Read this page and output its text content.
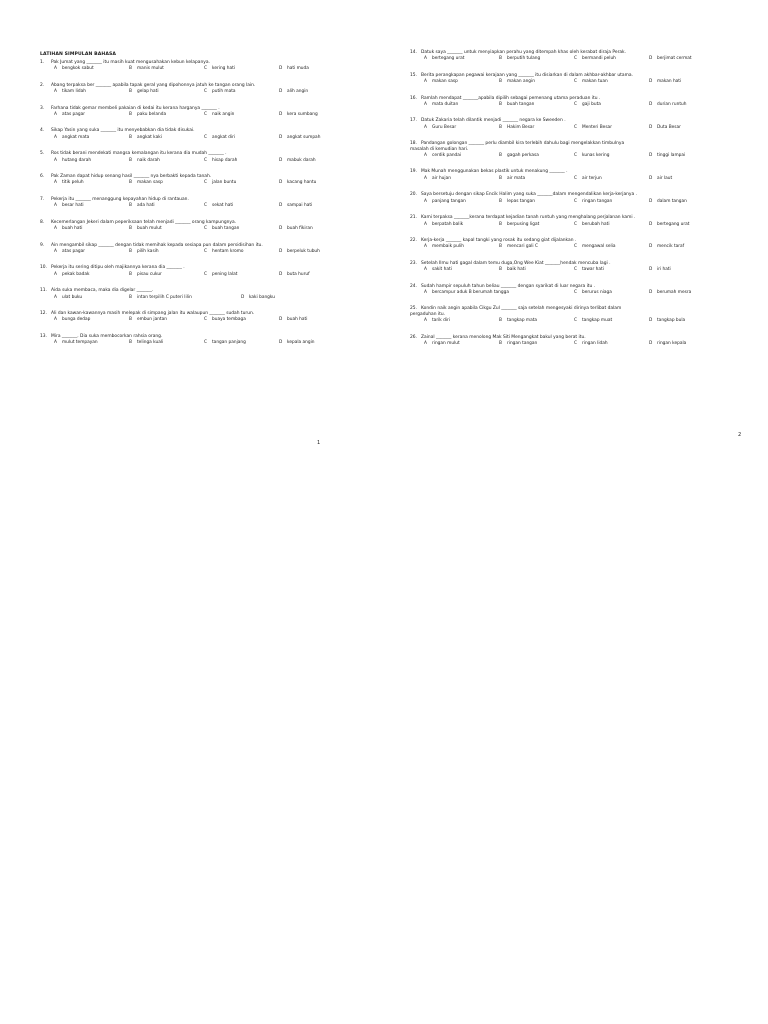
LATIHAN SIMPULAN BAHASA
1. Pak Jumat yang _______ itu masih kuat mengusahakan kebun kelapanya.
A bengkok sabut	B manis mulut	C kering hati	D hati muda
2. Abang terpaksa ber _______ apabila tapak geraI yang dipohonnya jatuh ke tangan orang lain.
A tikam lidah	B gelap hati	C putih mata	D alih angin
3. Farhana tidak gemar membeli pakaian di kedai itu kerana harganya _______ .
A atas pagar	B paku belanda	C naik angin	D kera sumbang
4. Sikap Yasin yang suka _______ itu menyebabkan dia tidak disukai.
A angkat mata	B angkat kaki	C angkat diri	D angkat sumpah
5. Ros tidak berani mendekati mangsa kemalangan itu kerana dia mudah _______ .
A hutang darah	B naik darah	C hisap darah	D mabuk darah
6. Pak Zaman dapat hidup senang hasil _______ nya berbakti kepada tanah.
A titik peluh	B makan sasp	C jalan buntu	D kacang hantu
7. Pekerja itu _______ menanggung kepayahan hidup di rantauan.
A besar hati	B ada hati	C sekat hati	D sampai hati
8. Kecemerlangan Jekeri dalam peperiksaan telah menjadi _______ orang kampungnya.
A buah hati	B buah mulut	C buah tangan	D buah fikiran
9. Ain mengambil sikap _______ dengan tidak memihak kepada sesiapa pun dalam persidisihan itu.
A atas pagar	B pilih kasih	C hentam kromo	D berpeluk tubuh
10. Pekerja itu sering ditipu oleh majikannya kerana dia _______ .
A pekak badak	B pisau cukur	C pening lalat	D buta huruf
11. Aida suka membaca, maka dia digelar _______.
A ulat buku	B intan terpilih C puteri lilin	D kaki bangku
12. Ali dan kawan-kawannya masih melepak di simpang jalan itu walaupun _______ sudah turun.
A bunga dedap	B embun jantan	C buaya tembaga	D buah hati
13. Mira _______. Dia suka membocorkan rahsia orang.
A mulut tempayan	B telinga kuali	C tangan panjang	D kepala angin
14. Datuk saya _______ untuk menyiapkan perahu yang ditempah khas oleh kerabat diraja Perak.
A bertegang urat	B berputih tulang	C bermandi peluh	D berjimat cermat
15. Berita perangkapan pegawai kerajaan yang _______ itu disiarkan di dalam akhbar-akhbar utama.
A makan sasp	B makan angin	C makan tuan	D makan hati
16. Ramlah mendapat _______apabila dipilih sebagai pemenang utama peraduan itu .
A mata duitan	B buah tangan	C gaji buta	D durian runtuh
17. Datuk Zakaria telah dilantik menjadi _______ negara ke Sweeden .
A Guru Besar	B Hakim Besar	C Menteri Besar	D Duta Besar
18. Pandangan golongan _______ perlu diambil kira terlebih dahulu bagi mengelakkan timbulnya
masalah di kemudian hari.
A cerdik pandai	B gagah perkasa	C kunas kering	D tinggi lampai
19. Mak Munah menggunakan bekas plastik untuk menakung _______ .
A air hujan	B air mata	C air terjun	D air laut
20. Saya bersetuju dengan sikap Encik Halim yang suka _______dalam mengendalikan kerja-kerjanya .
A panjang tangan	B lepas tangan	C ringan tangan	D dalam tangan
21. Kami terpaksa _______kerana terdapat kejadian tanah runtuh yang menghalang perjalanan kami .
A berpatah balik	B berpusing ligat	C berubah hati	D bertegang urat
22. Kerja-kerja _______ kapal tangki yang rosak itu sedang giat dijalankan .
A membaik pulih	B mencari gali C	C mengawal selia	D mencik taraf
23. Setelah Ilmu hati gagal dalam temu duga,Ong Wee Kiat _______hendak mencuba lagi .
A sakit hati	B baik hati	C tawar hati	D iri hati
24. Sudah hampir sepuluh tahun beliau _______ dengan syarikat di luar negara itu .
A bercampur aduk B berumah tangga	C berurus niaga	D berumah mesra
25. Kondin naik angin apabila Cikgu Zul _______ saja setelah mengesyaki dirinya terlibat dalam
pergaduhan itu.
A tarik diri	B tangkap mata	C tangkap muat	D tangkap bula
26. Zainal _______ kerana menolong Mak Siti Mengangkat bakul yang berat itu.
A ringan mulut	B ringan tangan	C ringan lidah	D ringan kepala
1
2
